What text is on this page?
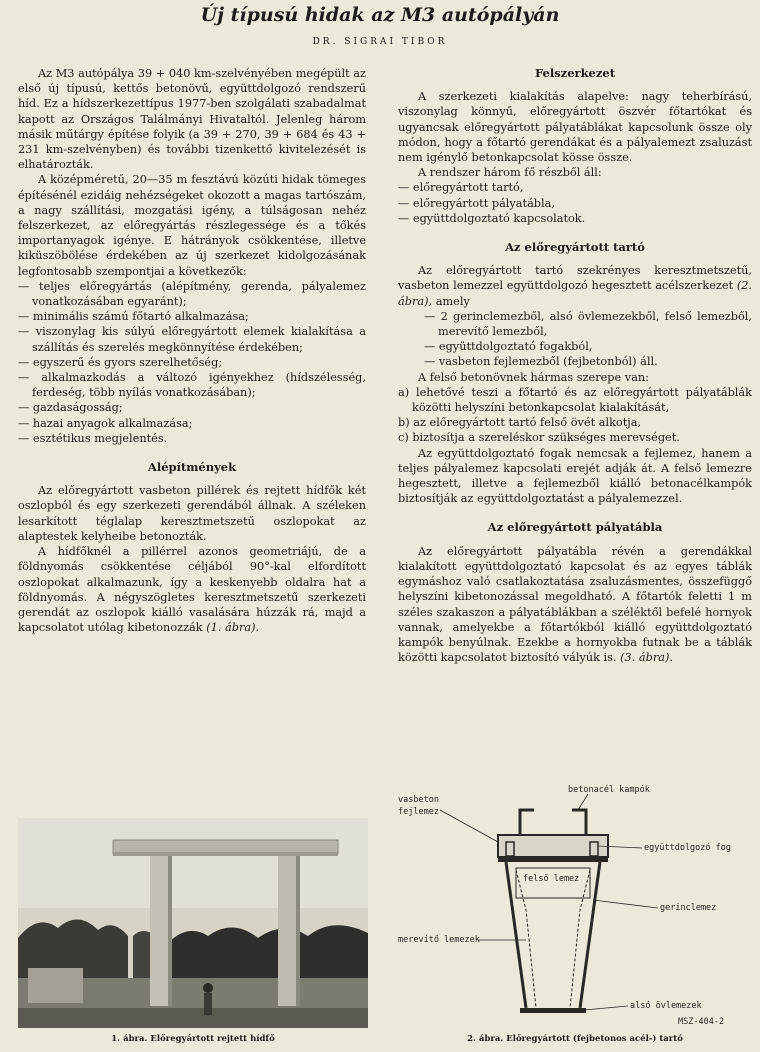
Új típusú hidak az M3 autópályán
DR. SIGRAI TIBOR

Az M3 autópálya 39 + 040 km-szelvényében megépült az első új típusú, kettős betonövű, együttdolgozó rendszerű híd. Ez a hídszerkezettípus 1977-ben szolgálati szabadalmat kapott az Országos Találmányi Hivataltól. Jelenleg három másik műtárgy építése folyik (a 39 + 270, 39 + 684 és 43 + 231 km-szelvényben) és további tizenkettő kivitelezését is elhatározták.

A középméretű, 20—35 m fesztávú közúti hidak tömeges építésénél ezidáig nehézségeket okozott a magas tartószám, a nagy szállítási, mozgatási igény, a túlságosan nehéz felszerkezet, az előregyártás részlegessége és a tőkés importanyagok igénye. E hátrányok csökkentése, illetve kiküszöbölése érdekében az új szerkezet kidolgozásának legfontosabb szempontjai a következők:

— teljes előregyártás (alépítmény, gerenda, pályalemez vonatkozásában egyaránt);
— minimális számú főtartó alkalmazása;
— viszonylag kis súlyú előregyártott elemek kialakítása a szállítás és szerelés megkönnyítése érdekében;
— egyszerű és gyors szerelhetőség;
— alkalmazkodás a változó igényekhez (hídszélesség, ferdeség, több nyílás vonatkozásában);
— gazdaságosság;
— hazai anyagok alkalmazása;
— esztétikus megjelentés.
Alépítmények

Az előregyártott vasbeton pillérek és rejtett hídfők két oszlopból és egy szerkezeti gerendából állnak. A széleken lesarkított téglalap keresztmetszetű oszlopokat az alaptestek kelyheibe betonozták.

A hídfőknél a pillérrel azonos geometriájú, de a földnyomás csökkentése céljából 90°-kal elfordított oszlopokat alkalmazunk, így a keskenyebb oldalra hat a földnyomás. A négyszögletes keresztmetszetű szerkezeti gerendát az oszlopok kiálló vasalására húzzák rá, majd a kapcsolatot utólag kibetonozzák (1. ábra).

Felszerkezet

A szerkezeti kialakítás alapelve: nagy teherbírású, viszonylag könnyű, előregyártott öszvér főtartókat és ugyancsak előregyártott pályatáblákat kapcsolunk össze oly módon, hogy a főtartó gerendákat és a pályalemezt zsaluzást nem igénylő betonkapcsolat kösse össze.

A rendszer három fő részből áll:

— előregyártott tartó,
— előregyártott pályatábla,
— együttdolgoztató kapcsolatok.
Az előregyártott tartó

Az előregyártott tartó szekrényes keresztmetszetű, vasbeton lemezzel együttdolgozó hegesztett acélszerkezet (2. ábra), amely

— 2 gerinclemezből, alsó övlemezekből, felső lemezből, merevítő lemezből,
— együttdolgoztató fogakból,
— vasbeton fejlemezből (fejbetonból) áll.

A felső betonövnek hármas szerepe van:

a) lehetővé teszi a főtartó és az előregyártott pályatáblák közötti helyszíni betonkapcsolat kialakítását,
b) az előregyártott tartó felső övét alkotja,
c) biztosítja a szereléskor szükséges merevséget.

Az együttdolgoztató fogak nemcsak a fejlemez, hanem a teljes pályalemez kapcsolati erejét adják át. A felső lemezre hegesztett, illetve a fejlemezből kiálló betonacélkampók biztosítják az együttdolgoztatást a pályalemezzel.

Az előregyártott pályatábla

Az előregyártott pályatábla révén a gerendákkal kialakított együttdolgoztató kapcsolat és az egyes táblák egymáshoz való csatlakoztatása zsaluzásmentes, összefüggő helyszíni kibetonozással megoldható. A főtartók feletti 1 m széles szakaszon a pályatáblákban a széléktől befelé hornyok vannak, amelyekbe a főtartókból kiálló együttdolgoztató kampók benyúlnak. Ezekbe a hornyokba futnak be a táblák közötti kapcsolatot biztosító vályúk is. (3. ábra).

1. ábra. Előregyártott rejtett hídfő
vasbeton
fejlemez
betonacél kampók
együttdolgozó fog
felső lemez
gerinclemez
merevítő lemezek
alsó övlemezek
MSZ-404-2
2. ábra. Előregyártott (fejbetonos acél-) tartó
